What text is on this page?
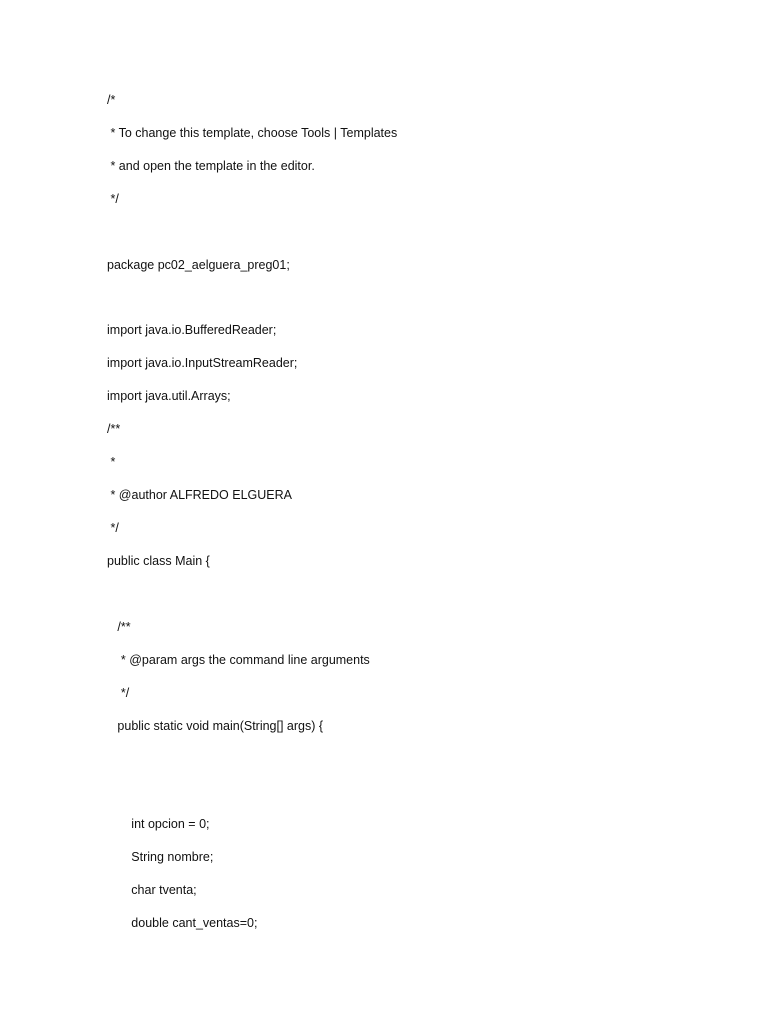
/*

* To change this template, choose Tools | Templates

* and open the template in the editor.

*/

package pc02_aelguera_preg01;

import java.io.BufferedReader;

import java.io.InputStreamReader;

import java.util.Arrays;

/**

*

* @author ALFREDO ELGUERA

*/

public class Main {

/**

* @param args the command line arguments

*/

public static void main(String[] args) {

int opcion = 0;

String nombre;

char tventa;

double cant_ventas=0;
